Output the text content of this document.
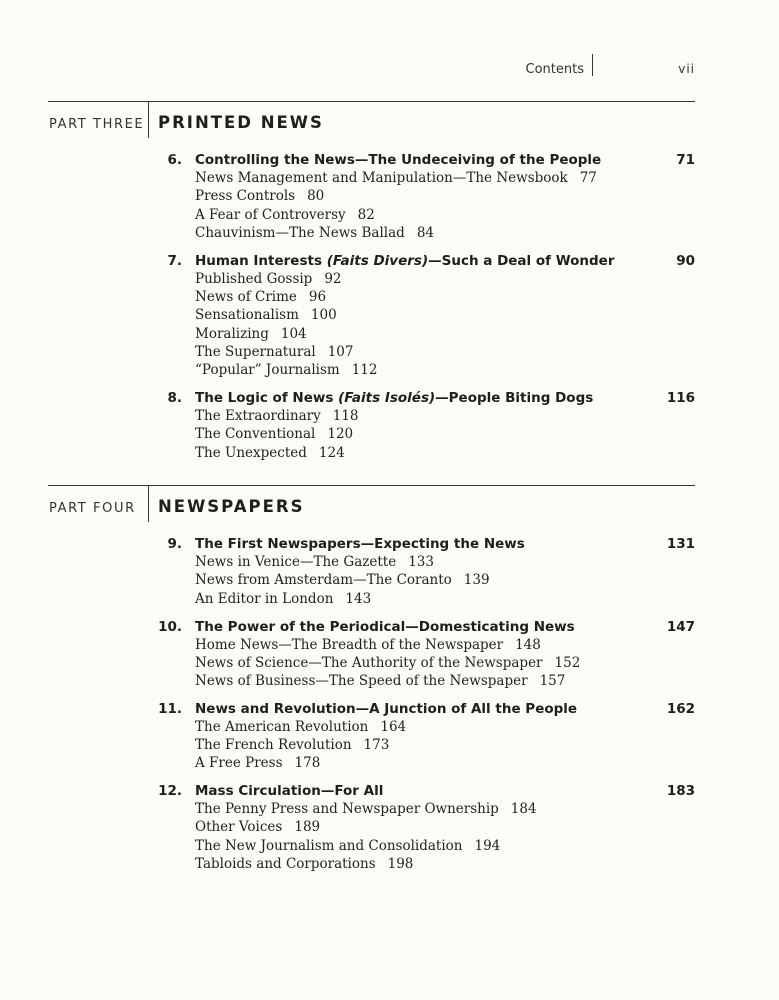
Contents	vii
PART THREE PRINTED NEWS
6. Controlling the News—The Undeceiving of the People	71
News Management and Manipulation—The Newsbook 77
Press Controls 80
A Fear of Controversy 82
Chauvinism—The News Ballad 84
7. Human Interests (Faits Divers)—Such a Deal of Wonder	90
Published Gossip 92
News of Crime 96
Sensationalism 100
Moralizing 104
The Supernatural 107
“Popular” Journalism 112
8. The Logic of News (Faits Isolés)—People Biting Dogs	116
The Extraordinary 118
The Conventional 120
The Unexpected 124
PART FOUR NEWSPAPERS
9. The First Newspapers—Expecting the News	131
News in Venice—The Gazette 133
News from Amsterdam—The Coranto 139
An Editor in London 143
10. The Power of the Periodical—Domesticating News	147
Home News—The Breadth of the Newspaper 148
News of Science—The Authority of the Newspaper 152
News of Business—The Speed of the Newspaper 157
11. News and Revolution—A Junction of All the People	162
The American Revolution 164
The French Revolution 173
A Free Press 178
12. Mass Circulation—For All	183
The Penny Press and Newspaper Ownership 184
Other Voices 189
The New Journalism and Consolidation 194
Tabloids and Corporations 198
